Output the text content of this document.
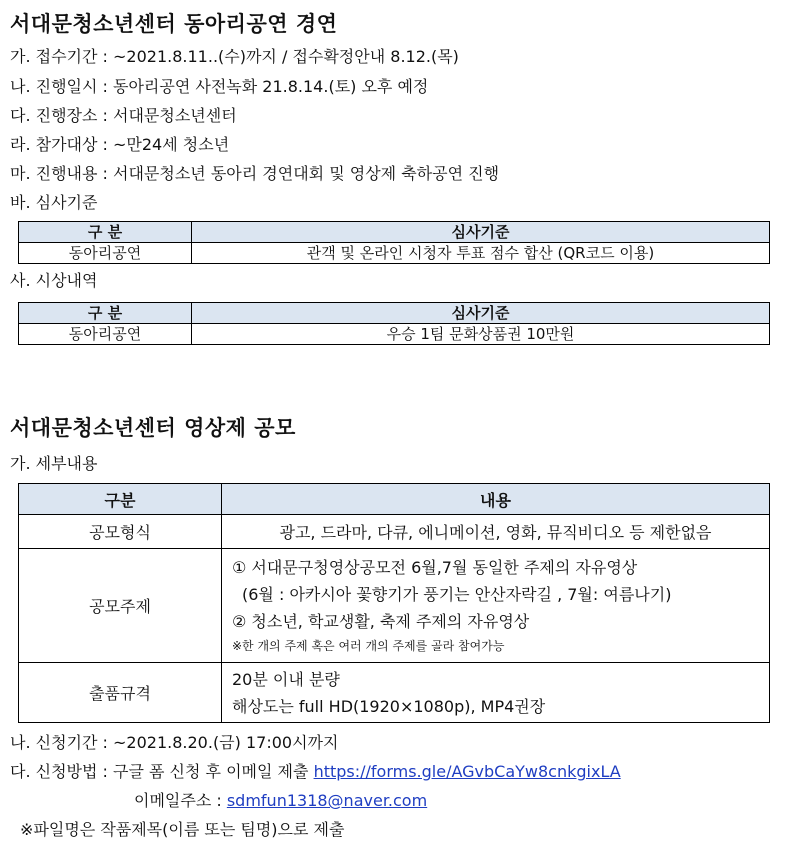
서대문청소년센터 동아리공연 경연
가. 접수기간 : ~2021.8.11..(수)까지 / 접수확정안내 8.12.(목)
나. 진행일시 : 동아리공연 사전녹화 21.8.14.(토) 오후 예정
다. 진행장소 : 서대문청소년센터
라. 참가대상 : ~만24세 청소년
마. 진행내용 : 서대문청소년 동아리 경연대회 및 영상제 축하공연 진행
바. 심사기준
구 분	심사기준
동아리공연	관객 및 온라인 시청자 투표 점수 합산 (QR코드 이용)
사. 시상내역
구 분	심사기준
동아리공연	우승 1팀 문화상품권 10만원
서대문청소년센터 영상제 공모
가. 세부내용
구분	내용
공모형식	광고, 드라마, 다큐, 에니메이션, 영화, 뮤직비디오 등 제한없음
공모주제	① 서대문구청영상공모전 6월,7월 동일한 주제의 자유영상
(6월 : 아카시아 꽃향기가 풍기는 안산자락길 , 7월: 여름나기)
② 청소년, 학교생활, 축제 주제의 자유영상
※한 개의 주제 혹은 여러 개의 주제를 골라 참여가능

출품규격	20분 이내 분량
해상도는 full HD(1920×1080p), MP4권장
나. 신청기간 : ~2021.8.20.(금) 17:00시까지
다. 신청방법 : 구글 폼 신청 후 이메일 제출 https://forms.gle/AGvbCaYw8cnkgixLA
이메일주소 : sdmfun1318@naver.com
※파일명은 작품제목(이름 또는 팀명)으로 제출
